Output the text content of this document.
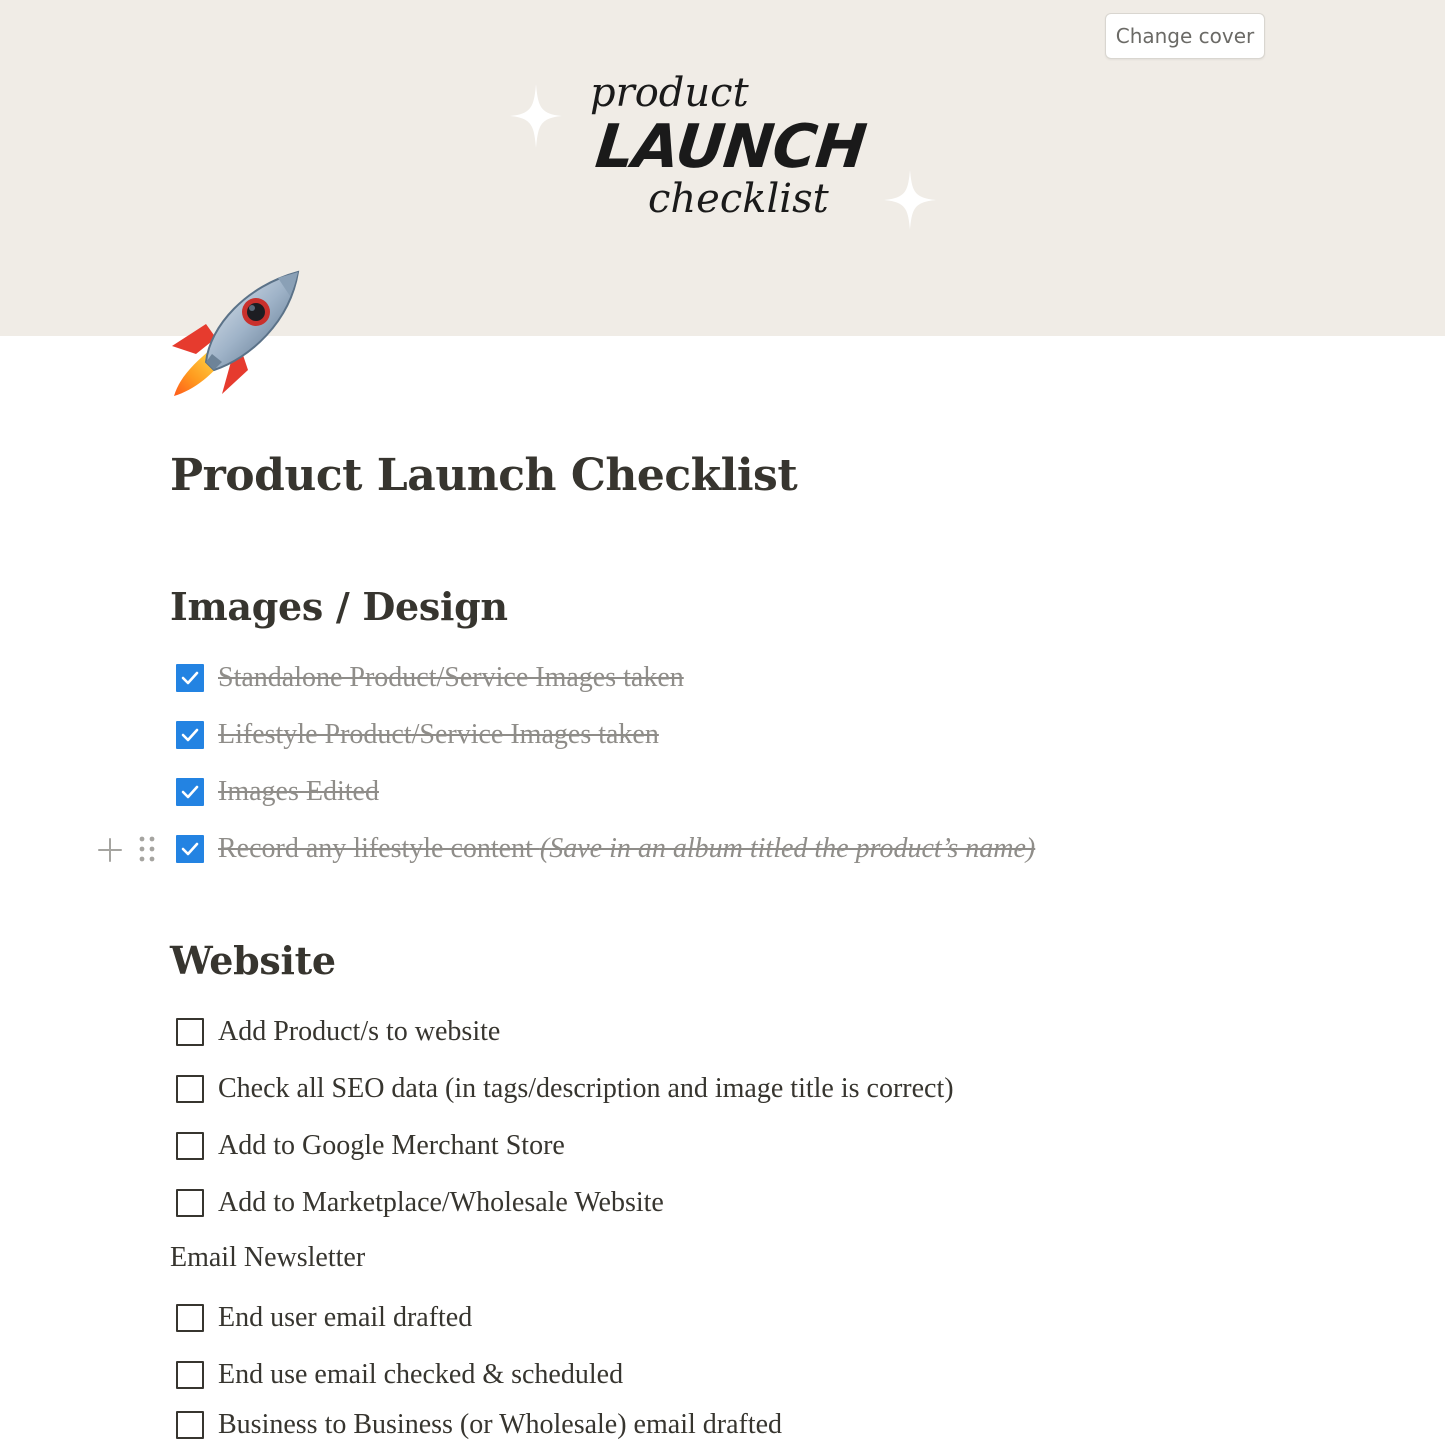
product
LAUNCH
checklist
Change cover
Product Launch Checklist
Images / Design
Standalone Product/Service Images taken
Lifestyle Product/Service Images taken
Images Edited
Record any lifestyle content (Save in an album titled the product’s name)
Website
Add Product/s to website
Check all SEO data (in tags/description and image title is correct)
Add to Google Merchant Store
Add to Marketplace/Wholesale Website
Email Newsletter
End user email drafted
End use email checked & scheduled
Business to Business (or Wholesale) email drafted
